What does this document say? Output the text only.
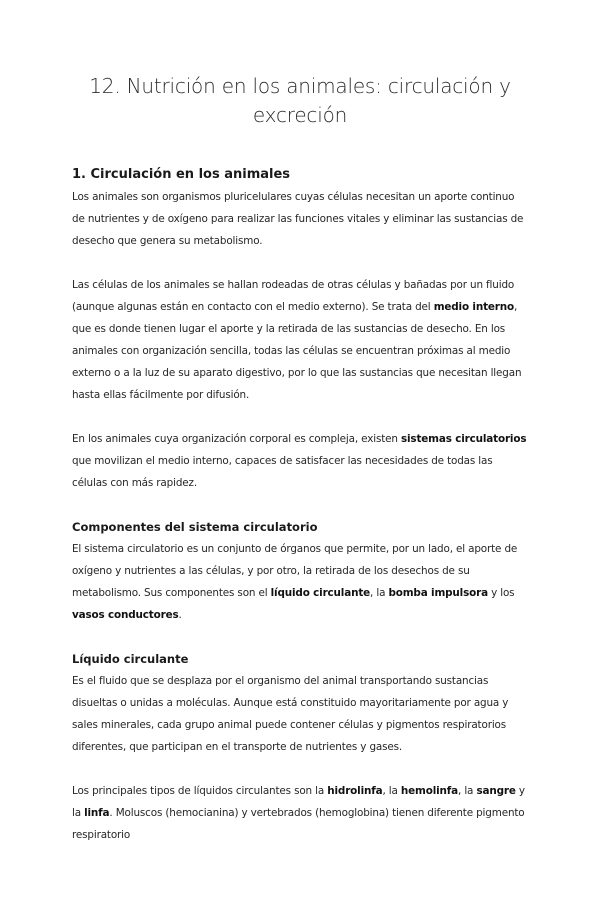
12. Nutrición en los animales: circulación y
excreción
1. Circulación en los animales

Los animales son organismos pluricelulares cuyas células necesitan un aporte continuo de nutrientes y de oxígeno para realizar las funciones vitales y eliminar las sustancias de desecho que genera su metabolismo.

Las células de los animales se hallan rodeadas de otras células y bañadas por un fluido (aunque algunas están en contacto con el medio externo). Se trata del medio interno, que es donde tienen lugar el aporte y la retirada de las sustancias de desecho. En los animales con organización sencilla, todas las células se encuentran próximas al medio externo o a la luz de su aparato digestivo, por lo que las sustancias que necesitan llegan hasta ellas fácilmente por difusión.

En los animales cuya organización corporal es compleja, existen sistemas circulatorios que movilizan el medio interno, capaces de satisfacer las necesidades de todas las células con más rapidez.

Componentes del sistema circulatorio

El sistema circulatorio es un conjunto de órganos que permite, por un lado, el aporte de oxígeno y nutrientes a las células, y por otro, la retirada de los desechos de su metabolismo. Sus componentes son el líquido circulante, la bomba impulsora y los vasos conductores.

Líquido circulante

Es el fluido que se desplaza por el organismo del animal transportando sustancias disueltas o unidas a moléculas. Aunque está constituido mayoritariamente por agua y sales minerales, cada grupo animal puede contener células y pigmentos respiratorios diferentes, que participan en el transporte de nutrientes y gases.

Los principales tipos de líquidos circulantes son la hidrolinfa, la hemolinfa, la sangre y la linfa. Moluscos (hemocianina) y vertebrados (hemoglobina) tienen diferente pigmento respiratorio
